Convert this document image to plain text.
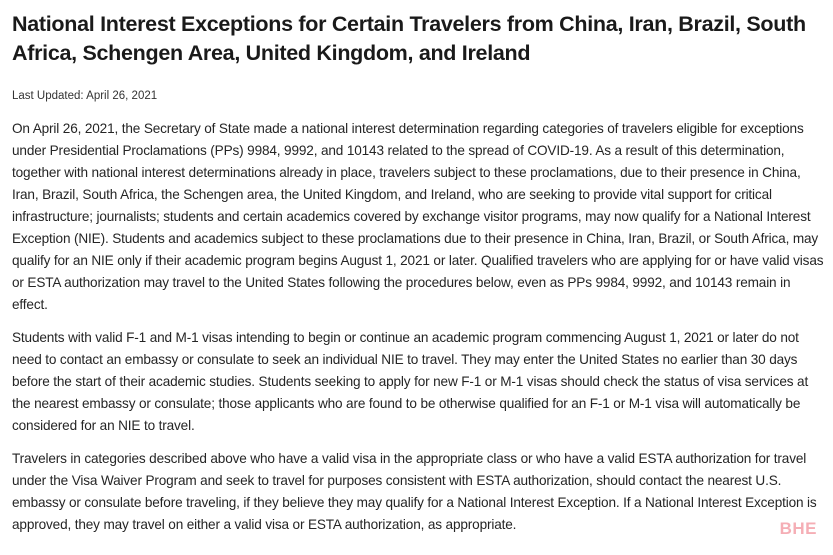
National Interest Exceptions for Certain Travelers from China, Iran, Brazil, South Africa, Schengen Area, United Kingdom, and Ireland
Last Updated: April 26, 2021

On April 26, 2021, the Secretary of State made a national interest determination regarding categories of travelers eligible for exceptions under Presidential Proclamations (PPs) 9984, 9992, and 10143 related to the spread of COVID-19. As a result of this determination, together with national interest determinations already in place, travelers subject to these proclamations, due to their presence in China, Iran, Brazil, South Africa, the Schengen area, the United Kingdom, and Ireland, who are seeking to provide vital support for critical infrastructure; journalists; students and certain academics covered by exchange visitor programs, may now qualify for a National Interest Exception (NIE). Students and academics subject to these proclamations due to their presence in China, Iran, Brazil, or South Africa, may qualify for an NIE only if their academic program begins August 1, 2021 or later. Qualified travelers who are applying for or have valid visas or ESTA authorization may travel to the United States following the procedures below, even as PPs 9984, 9992, and 10143 remain in effect.

Students with valid F-1 and M-1 visas intending to begin or continue an academic program commencing August 1, 2021 or later do not need to contact an embassy or consulate to seek an individual NIE to travel. They may enter the United States no earlier than 30 days before the start of their academic studies. Students seeking to apply for new F-1 or M-1 visas should check the status of visa services at the nearest embassy or consulate; those applicants who are found to be otherwise qualified for an F-1 or M-1 visa will automatically be considered for an NIE to travel.

Travelers in categories described above who have a valid visa in the appropriate class or who have a valid ESTA authorization for travel under the Visa Waiver Program and seek to travel for purposes consistent with ESTA authorization, should contact the nearest U.S. embassy or consulate before traveling, if they believe they may qualify for a National Interest Exception. If a National Interest Exception is approved, they may travel on either a valid visa or ESTA authorization, as appropriate.	BHE
